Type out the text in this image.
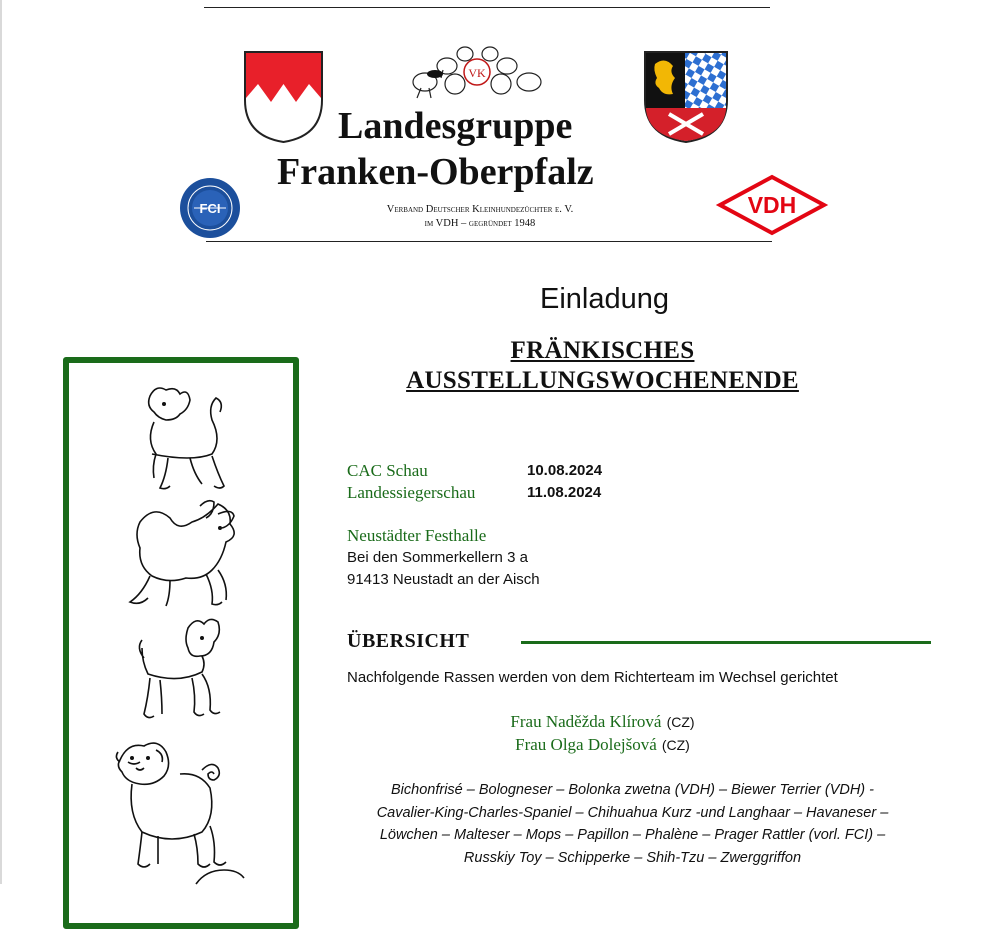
VK
FCI	VDH
Landesgruppe
Franken-Oberpfalz
Verband Deutscher Kleinhundezüchter e. V.
im VDH – gegründet 1948
Einladung
FRÄNKISCHES
AUSSTELLUNGSWOCHENENDE
CAC Schau	10.08.2024
Landessiegerschau	11.08.2024
Neustädter Festhalle
Bei den Sommerkellern 3 a
91413 Neustadt an der Aisch
ÜBERSICHT
Nachfolgende Rassen werden von dem Richterteam im Wechsel gerichtet
Frau Naděžda Klírová (CZ)
Frau Olga Dolejšová (CZ)
Bichonfrisé – Bologneser – Bolonka zwetna (VDH) – Biewer Terrier (VDH) -
Cavalier-King-Charles-Spaniel – Chihuahua Kurz -und Langhaar – Havaneser –
Löwchen – Malteser – Mops – Papillon – Phalène – Prager Rattler (vorl. FCI) –
Russkiy Toy – Schipperke – Shih-Tzu – Zwerggriffon
